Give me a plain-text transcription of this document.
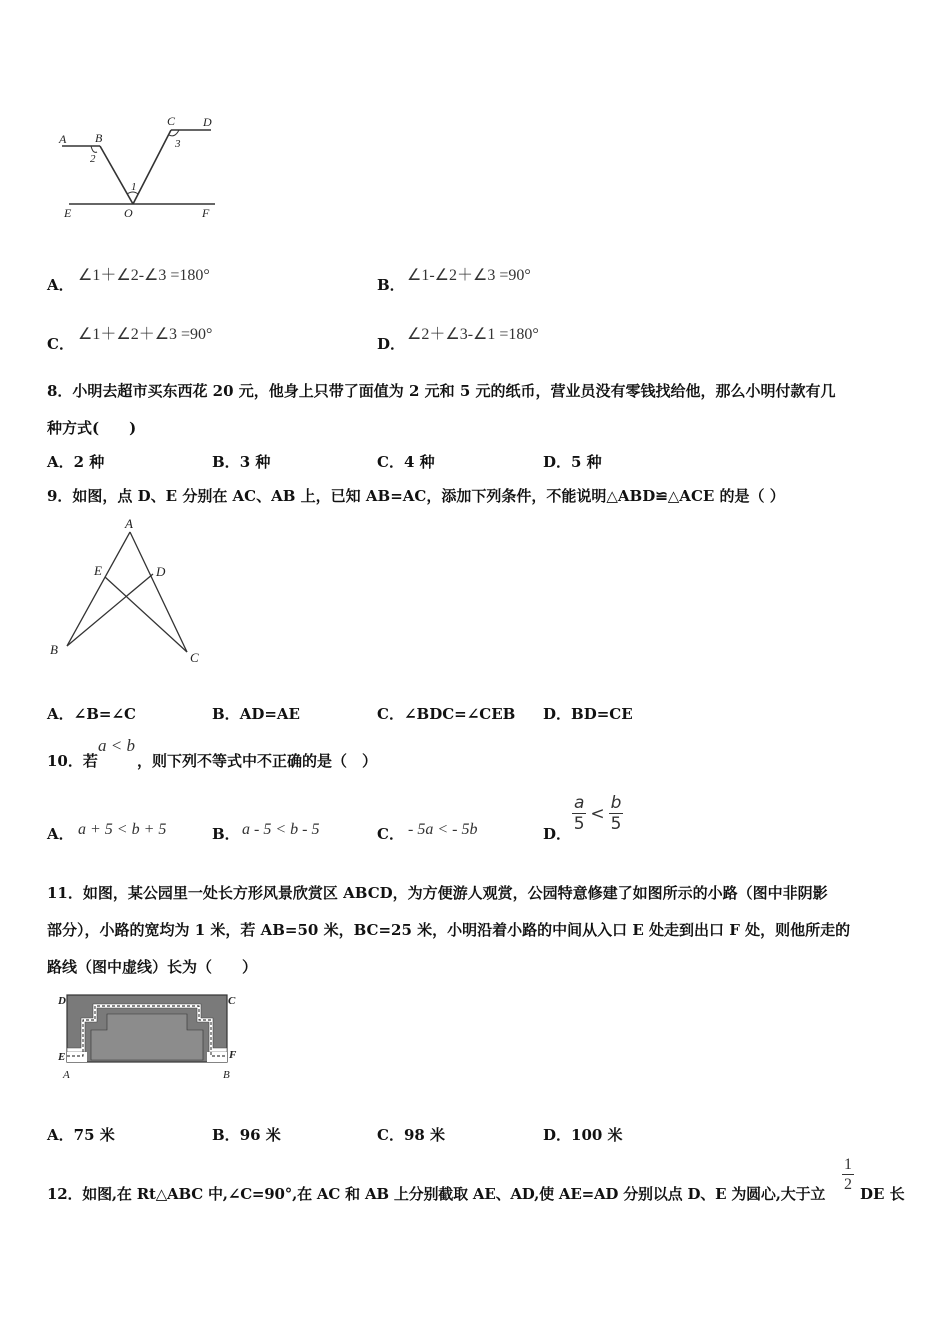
A B
C D
E	O	F
1
2
3
A．
∠1＋∠2-∠3 =180°
B．
∠1-∠2＋∠3 =90°
C．
∠1＋∠2＋∠3 =90°
D．
∠2＋∠3-∠1 =180°
8．小明去超市买东西花 20 元，他身上只带了面值为 2 元和 5 元的纸币，营业员没有零钱找给他，那么小明付款有几
种方式(　　)
A．2 种	B．3 种	C．4 种	D．5 种
9．如图，点 D、E 分别在 AC、AB 上，已知 AB=AC，添加下列条件，不能说明△ABD≌△ACE 的是（ ）
A
E	D
B
C
A．∠B=∠C	B．AD=AE	C．∠BDC=∠CEB D．BD=CE
10．若
a < b
，则下列不等式中不正确的是（　）
A． a + 5 < b + 5	B． a - 5 < b - 5	C． - 5a < - 5b	D．
$\frac{a}{5} < \frac{b}{5}$
11．如图，某公园里一处长方形风景欣赏区 ABCD，为方便游人观赏，公园特意修建了如图所示的小路（图中非阴影
部分），小路的宽均为 1 米，若 AB=50 米，BC=25 米，小明沿着小路的中间从入口 E 处走到出口 F 处，则他所走的
路线（图中虚线）长为（　　）
D	C
E	F
A	B
A．75 米	B．96 米	C．98 米	D．100 米
12．如图,在 Rt△ABC 中,∠C=90°,在 AC 和 AB 上分别截取 AE、AD,使 AE=AD 分别以点 D、E 为圆心,大于立
$\frac{1}{2}$
DE 长
